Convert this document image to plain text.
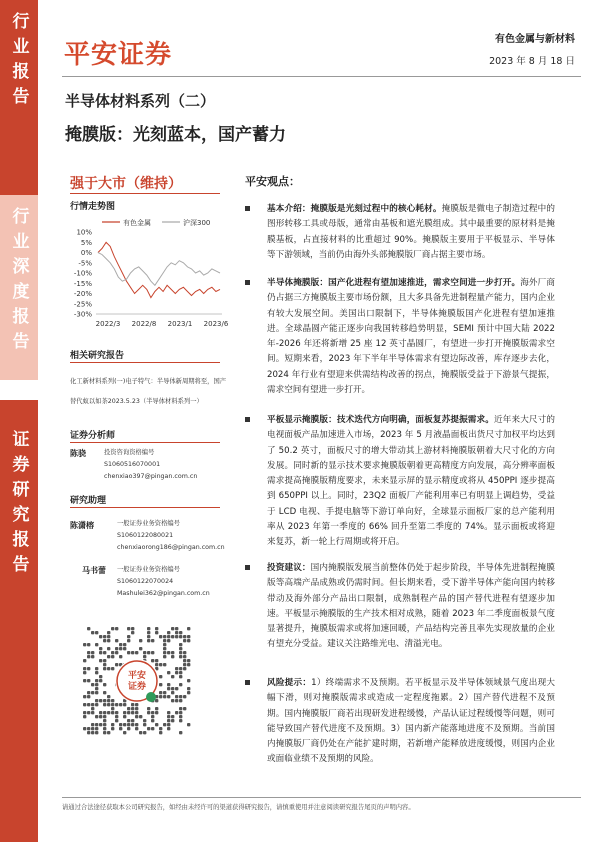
行业报告
行业深度报告
证券研究报告
平安证券
有色金属与新材料
2023 年 8 月 18 日
半导体材料系列（二）
掩膜版：光刻蓝本，国产蓄力
强于大市（维持）
行情走势图
有色金属	沪深300
10%
5%
0%
-5%
-10%
-15%
-20%
-25%
-30%
2022/3 2022/8 2023/1 2023/6
相关研究报告
化工新材料系列(一)电子特气：半导体新周期将至，国产
替代蚁以如茶2023.5.23（半导体材料系列一）
证券分析师
陈骁	投资咨询资格编号
S1060516070001
chenxiao397@pingan.com.cn
研究助理
陈潇榕	一般证券业务资格编号
S1060122080021
chenxiaorong186@pingan.com.cn
马书蕾 一般证券业务资格编号
S1060122070024
Mashulei362@pingan.com.cn
平安
证券
平安观点：
基本介绍：掩膜版是光刻过程中的核心耗材。掩膜版是微电子制造过程中的图形转移工具或母版，通常由基板和遮光膜组成。其中最重要的原材料是掩膜基板，占直接材料的比重超过 90%。掩膜版主要用于平板显示、半导体等下游领域，当前仍由海外头部掩膜版厂商占据主要市场。
半导体掩膜版：国产化进程有望加速推进，需求空间进一步打开。海外厂商仍占据三方掩膜版主要市场份额，且大多具备先进制程量产能力，国内企业有较大发展空间。美国出口限制下，半导体掩膜版国产化进程有望加速推进。全球晶圆产能正逐步向我国转移趋势明显，SEMI 预计中国大陆 2022 年-2026 年还将新增 25 座 12 英寸晶圆厂，有望进一步打开掩膜版需求空间。短期来看，2023 年下半年半导体需求有望边际改善，库存逐步去化，2024 年行业有望迎来供需结构改善的拐点，掩膜版受益于下游景气提振，需求空间有望进一步打开。
平板显示掩膜版：技术迭代方向明确，面板复苏提振需求。近年来大尺寸的电视面板产品加速进入市场，2023 年 5 月液晶面板出货尺寸加权平均达到了 50.2 英寸，面板尺寸的增大带动其上游材料掩膜版朝着大尺寸化的方向发展。同时新的显示技术要求掩膜版朝着更高精度方向发展，高分辨率面板需求提高掩膜版精度要求，未来显示屏的显示精度或将从 450PPI 逐步提高到 650PPI 以上。同时，23Q2 面板厂产能利用率已有明显上调趋势，受益于 LCD 电视、手提电脑等下游订单向好，全球显示面板厂家的总产能利用率从 2023 年第一季度的 66% 回升至第二季度的 74%。显示面板或将迎来复苏，新一轮上行周期或将开启。
投资建议：国内掩膜版发展当前整体仍处于起步阶段，半导体先进制程掩膜版等高端产品成熟或仍需时间。但长期来看，受下游半导体产能向国内转移带动及海外部分产品出口限制，成熟制程产品的国产替代进程有望逐步加速。平板显示掩膜版的生产技术相对成熟，随着 2023 年二季度面板景气度显著提升，掩膜版需求或将加速回暖，产品结构完善且率先实现放量的企业有望充分受益。建议关注路维光电、清溢光电。
风险提示：1）终端需求不及预期。若平板显示及半导体领域景气度出现大幅下滑，则对掩膜版需求或造成一定程度拖累。2）国产替代进程不及预期。国内掩膜版厂商若出现研发进程缓慢，产品认证过程缓慢等问题，则可能导致国产替代进度不及预期。3）国内新产能落地进度不及预期。当前国内掩膜版厂商仍处在产能扩建时期，若新增产能释放进度缓慢，则国内企业或面临业绩不及预期的风险。
请通过合法途径获取本公司研究报告，如经由未经许可的渠道获得研究报告，请慎重使用并注意阅读研究报告尾页的声明内容。
